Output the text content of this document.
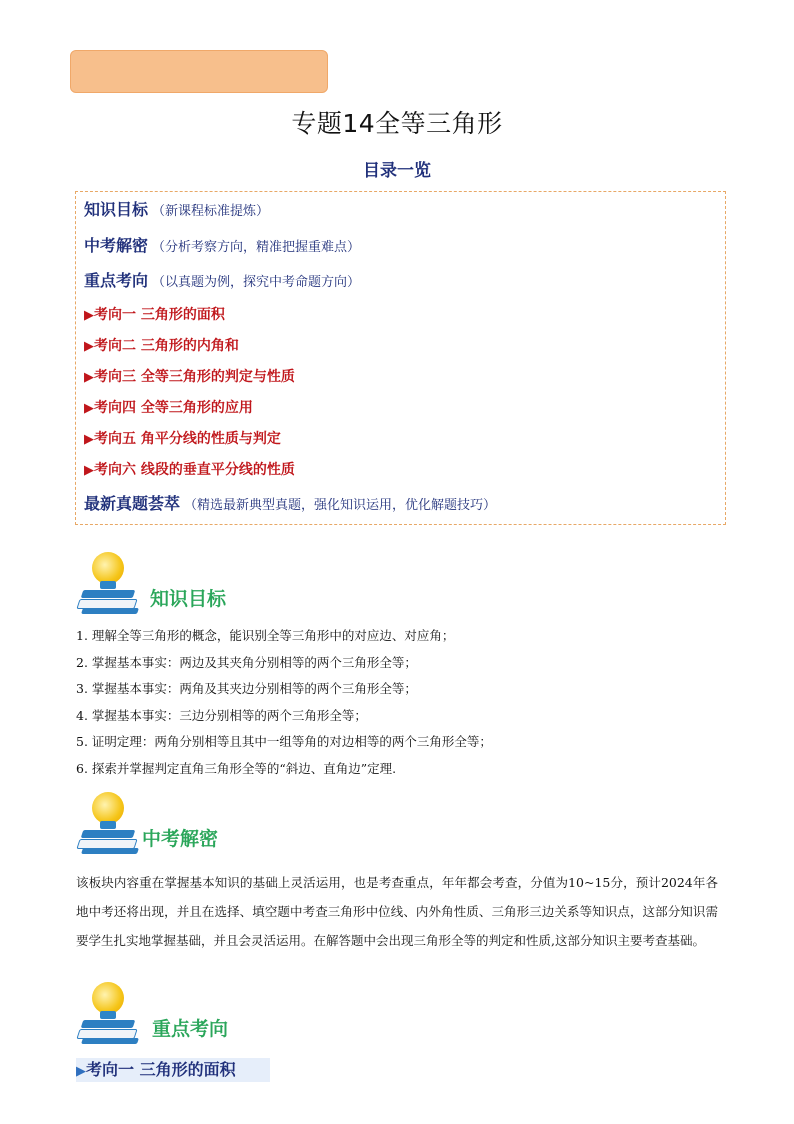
专题14全等三角形
目录一览
知识目标 （新课程标准提炼）
中考解密 （分析考察方向，精准把握重难点）
重点考向 （以真题为例，探究中考命题方向）
▶考向一 三角形的面积
▶考向二 三角形的内角和
▶考向三 全等三角形的判定与性质
▶考向四 全等三角形的应用
▶考向五 角平分线的性质与判定
▶考向六 线段的垂直平分线的性质
最新真题荟萃 （精选最新典型真题，强化知识运用，优化解题技巧）
知识目标
1. 理解全等三角形的概念，能识别全等三角形中的对应边、对应角；
2. 掌握基本事实：两边及其夹角分别相等的两个三角形全等；
3. 掌握基本事实：两角及其夹边分别相等的两个三角形全等；
4. 掌握基本事实：三边分别相等的两个三角形全等；
5. 证明定理：两角分别相等且其中一组等角的对边相等的两个三角形全等；
6. 探索并掌握判定直角三角形全等的“斜边、直角边”定理.
中考解密
该板块内容重在掌握基本知识的基础上灵活运用，也是考查重点，年年都会考查，分值为10~15分，预计2024年各地中考还将出现，并且在选择、填空题中考查三角形中位线、内外角性质、三角形三边关系等知识点，这部分知识需要学生扎实地掌握基础，并且会灵活运用。在解答题中会出现三角形全等的判定和性质,这部分知识主要考查基础。
重点考向
▶考向一 三角形的面积
